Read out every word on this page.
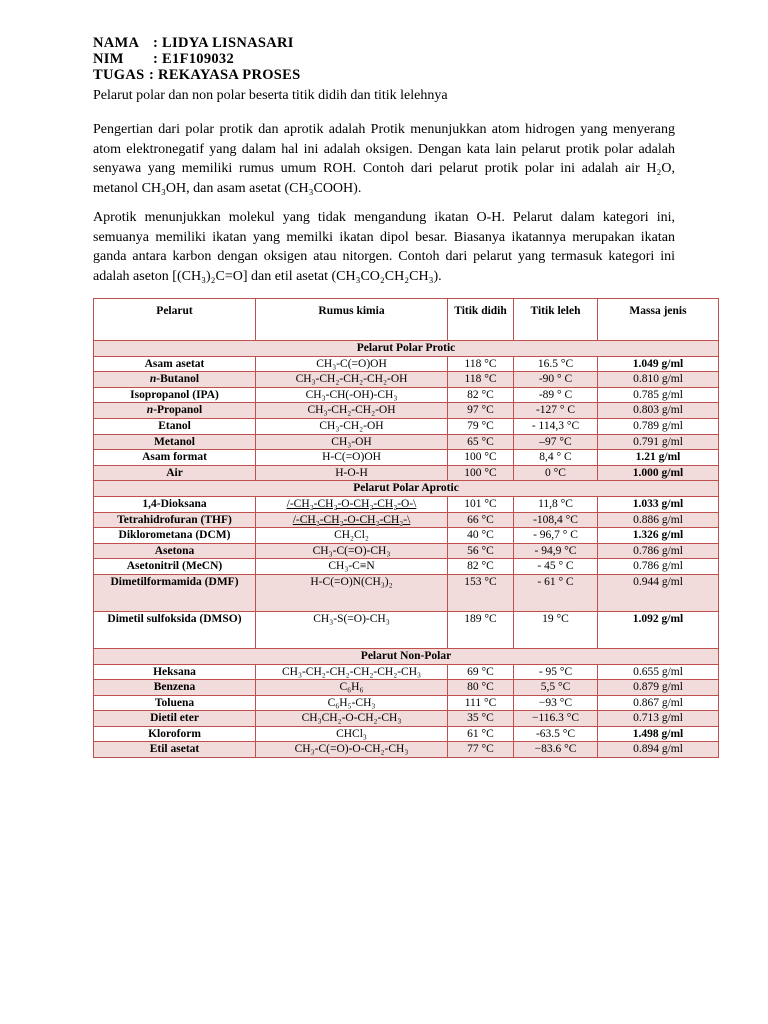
NAMA : LIDYA LISNASARI
NIM	: E1F109032
TUGAS : REKAYASA PROSES
Pelarut polar dan non polar beserta titik didih dan titik lelehnya
Pengertian dari polar protik dan aprotik adalah Protik menunjukkan atom hidrogen yang menyerang atom elektronegatif yang dalam hal ini adalah oksigen. Dengan kata lain pelarut protik polar adalah senyawa yang memiliki rumus umum ROH. Contoh dari pelarut protik polar ini adalah air H₂O, metanol CH₃OH, dan asam asetat (CH₃COOH).
Aprotik menunjukkan molekul yang tidak mengandung ikatan O-H. Pelarut dalam kategori ini, semuanya memiliki ikatan yang memilki ikatan dipol besar. Biasanya ikatannya merupakan ikatan ganda antara karbon dengan oksigen atau nitorgen. Contoh dari pelarut yang termasuk kategori ini adalah aseton [(CH₃)₂C=O] dan etil asetat (CH₃CO₂CH₂CH₃).
Pelarut	Rumus kimia	Titik didih	Titik leleh	Massa jenis
Pelarut Polar Protic				
Asam asetat	CH₃-C(=O)OH	118 °C	16.5 °C	1.049 g/ml
n-Butanol	CH₃-CH₂-CH₂-CH₂-OH	118 °C	-90 ° C	0.810 g/ml
Isopropanol (IPA)	CH₃-CH(-OH)-CH₃	82 °C	-89 ° C	0.785 g/ml
n-Propanol	CH₃-CH₂-CH₂-OH	97 °C	-127 ° C	0.803 g/ml
Etanol	CH₃-CH₂-OH	79 °C	- 114,3 °C	0.789 g/ml
Metanol	CH₃-OH	65 °C	–97 °C	0.791 g/ml
Asam format	H-C(=O)OH	100 °C	8,4 ° C	1.21 g/ml
Air	H-O-H	100 °C	0 °C	1.000 g/ml
Pelarut Polar Aprotic				
1,4-Dioksana	/-CH₂-CH₂-O-CH₂-CH₂-O-\	101 °C	11,8 °C	1.033 g/ml
Tetrahidrofuran (THF)	/-CH₂-CH₂-O-CH₂-CH₂-\	66 °C	-108,4 °C	0.886 g/ml
Diklorometana (DCM)	CH₂Cl₂	40 °C	- 96,7 ° C	1.326 g/ml
Asetona	CH₃-C(=O)-CH₃	56 °C	- 94,9 °C	0.786 g/ml
Asetonitril (MeCN)	CH₃-C≡N	82 °C	- 45 ° C	0.786 g/ml
Dimetilformamida (DMF)	H-C(=O)N(CH₃)₂	153 °C	- 61 ° C	0.944 g/ml
Dimetil sulfoksida (DMSO)	CH₃-S(=O)-CH₃	189 °C	19 °C	1.092 g/ml
Pelarut Non-Polar				
Heksana	CH₃-CH₂-CH₂-CH₂-CH₂-CH₃	69 °C	- 95 °C	0.655 g/ml
Benzena	C₆H₆	80 °C	5,5 °C	0.879 g/ml
Toluena	C₆H₅-CH₃	111 °C	−93 °C	0.867 g/ml
Dietil eter	CH₃CH₂-O-CH₂-CH₃	35 °C	−116.3 °C	0.713 g/ml
Kloroform	CHCl₃	61 °C	-63.5 °C	1.498 g/ml
Etil asetat	CH₃-C(=O)-O-CH₂-CH₃	77 °C	−83.6 °C	0.894 g/ml
